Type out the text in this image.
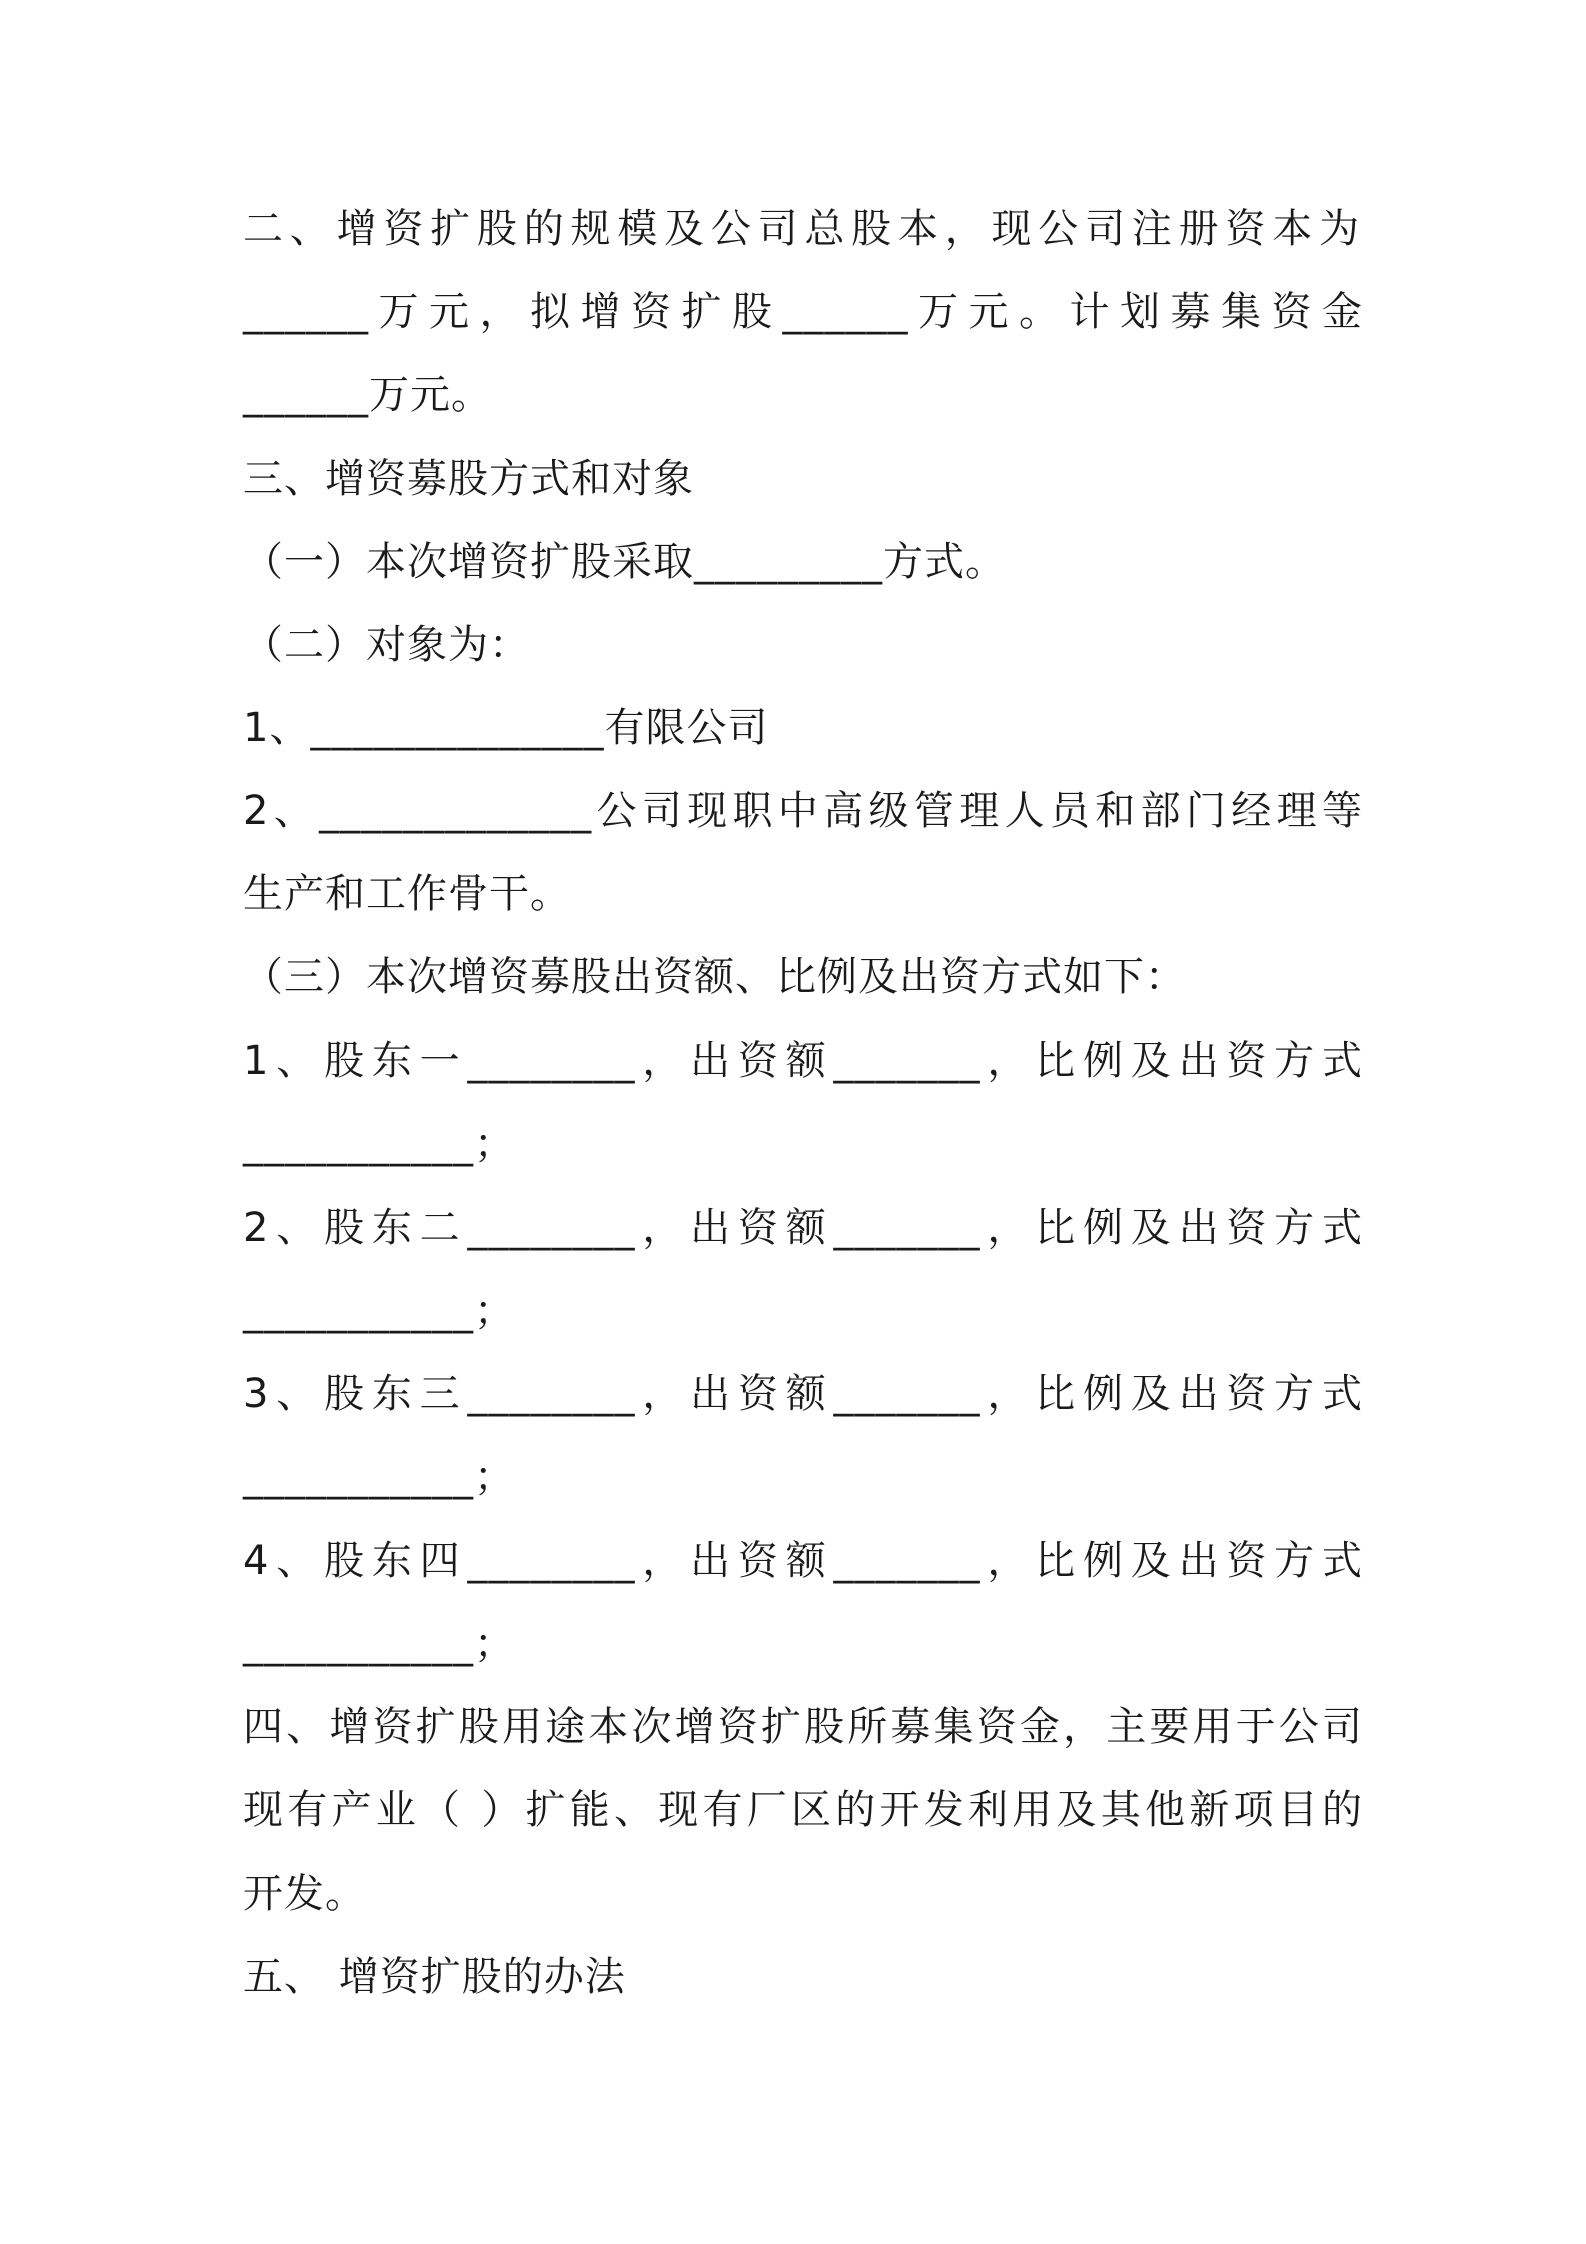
二、增资扩股的规模及公司总股本，现公司注册资本为
______万元，拟增资扩股______万元。计划募集资金
______万元。
三、增资募股方式和对象
（一）本次增资扩股采取_________方式。
（二）对象为：
1、______________有限公司
2、_____________公司现职中高级管理人员和部门经理等
生产和工作骨干。
（三）本次增资募股出资额、比例及出资方式如下：
1、股东一________，出资额_______，比例及出资方式
___________；
2、股东二________，出资额_______，比例及出资方式
___________；
3、股东三________，出资额_______，比例及出资方式
___________；
4、股东四________，出资额_______，比例及出资方式
___________；
四、增资扩股用途本次增资扩股所募集资金，主要用于公司
现有产业（ ）扩能、现有厂区的开发利用及其他新项目的
开发。
五、 增资扩股的办法
